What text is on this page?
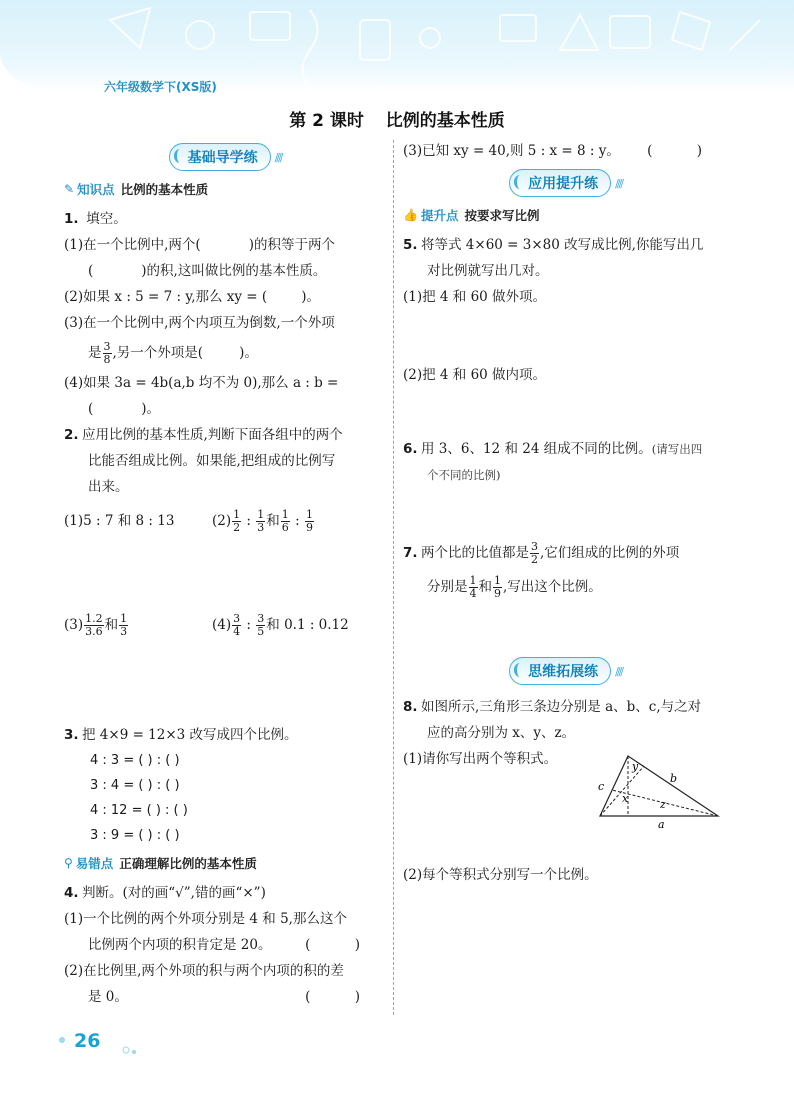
六年级数学下(XS版)
第 2 课时 比例的基本性质
基础导学练	////
✎ 知识点 比例的基本性质
1. 填空。
(1)在一个比例中,两个(	)的积等于两个
(	)的积,这叫做比例的基本性质。
(2)如果 x : 5 = 7 : y,那么 xy = (	)。
(3)在一个比例中,两个内项互为倒数,一个外项
是 $\frac{3}{8}$ ,另一个外项是(	)。
(4)如果 3a = 4b(a,b 均不为 0),那么 a : b =
(	)。
2. 应用比例的基本性质,判断下面各组中的两个
比能否组成比例。如果能,把组成的比例写
出来。
(1)5 : 7 和 8 : 13	$(2) \frac{1}{2}$ : $\frac{1}{3}$ 和 $\frac{1}{6}$ : $\frac{1}{9}$
$(3) \frac{1.2}{3.6}$ 和 $\frac{1}{3}$	$(4) \frac{3}{4}$ : $\frac{3}{5}$ 和 0.1 : 0.12
3. 把 4×9 = 12×3 改写成四个比例。
4 : 3 = ( ) : ( )
3 : 4 = ( ) : ( )
4 : 12 = ( ) : ( )
3 : 9 = ( ) : ( )
⚲ 易错点 正确理解比例的基本性质
4. 判断。(对的画“√”,错的画“×”)
(1)一个比例的两个外项分别是 4 和 5,那么这个
比例两个内项的积肯定是 20。 ( )
(2)在比例里,两个外项的积与两个内项的积的差
是 0。	( )
(3)已知 xy = 40,则 5 : x = 8 : y。 ( )
应用提升练	////
👍 提升点 按要求写比例
5. 将等式 4×60 = 3×80 改写成比例,你能写出几
对比例就写出几对。
(1)把 4 和 60 做外项。
(2)把 4 和 60 做内项。
6. 用 3、6、12 和 24 组成不同的比例。(请写出四
个不同的比例)
7. 两个比的比值都是 $\frac{3}{2}$ ,它们组成的比例的外项
分别是 $\frac{1}{4}$ 和 $\frac{1}{9}$ ,写出这个比例。
思维拓展练	////
8. 如图所示,三角形三条边分别是 a、b、c,与之对
应的高分别为 x、y、z。
(1)请你写出两个等积式。
(2)每个等积式分别写一个比例。
a
b
c
x
y
z
26
